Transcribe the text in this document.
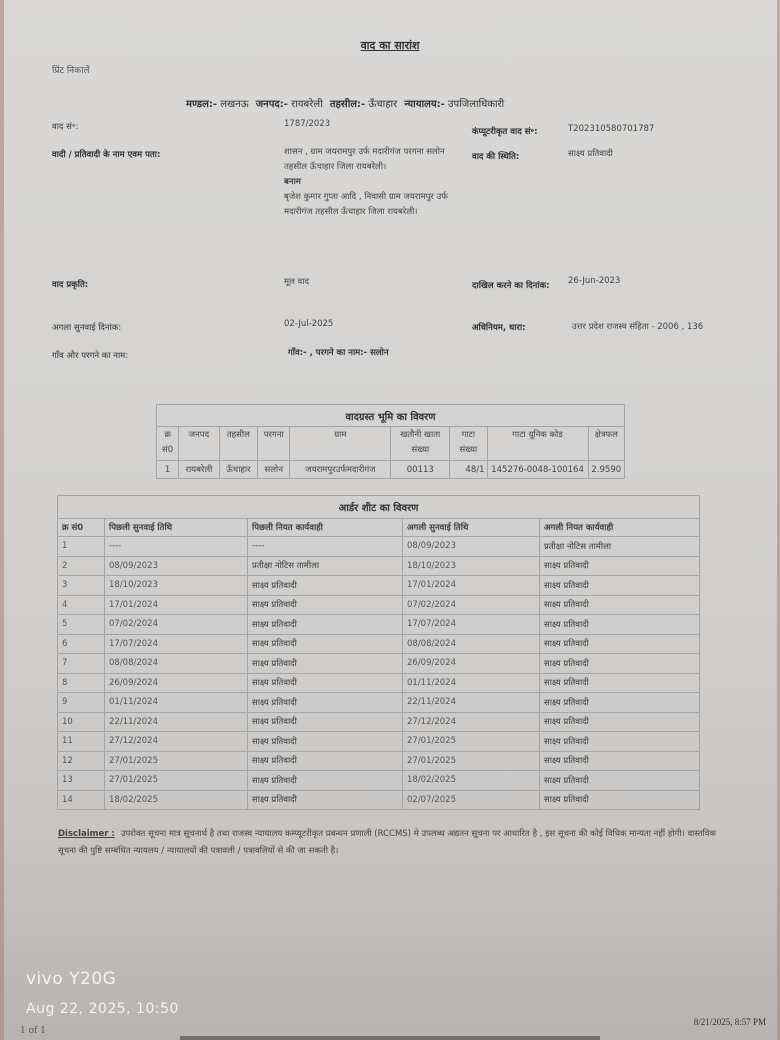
वाद का सारांश
प्रिंट निकालें
मण्डल:- लखनऊ जनपद:- रायबरेली तहसील:- ऊँचाहार न्यायालय:- उपजिलाधिकारी
वाद सं॰:	1787/2023
कंप्यूटरीकृत वाद सं॰:	T202310580701787
वादी / प्रतिवादी के नाम एवम पता:	शासन , ग्राम जयरामपुर उर्फ मदारीगंज परगना सलोन तहसील ऊँचाहार जिला रायबरेली।
बनाम
बृजेश कुमार गुप्ता आदि , निवासी ग्राम जयरामपुर उर्फ मदारीगंज तहसील ऊँचाहार जिला रायबरेली।
वाद की स्थिति:	साक्ष्य प्रतिवादी
वाद प्रकृति:	मूल वाद	दाखिल करने का दिनांक: 26-Jun-2023
अगला सुनवाई दिनांक:	02-Jul-2025	अधिनियम, धारा:	उत्तर प्रदेश राजस्व संहिता - 2006 , 136
गाँव और परगने का नाम:	गाँव:- , परगने का नाम:- सलोन
वादग्रस्त भूमि का विवरण								
क्र सं0	जनपद	तहसील	परगना	ग्राम	खतौनी खाता संख्या	गाटा संख्या	गाटा यूनिक कोड	क्षेत्रफल
1	रायबरेली	ऊँचाहार	सलोन	जयरामपुरउर्फमदारीगंज	00113	48/1	145276-0048-100164	2.9590
आर्डर शीट का विवरण				
क्र सं0	पिछली सुनवाई तिथि	पिछली नियत कार्यवाही	अगली सुनवाई तिथि	अगली नियत कार्यवाही
1	----	----	08/09/2023	प्रतीक्षा नोटिस तामीला
2	08/09/2023	प्रतीक्षा नोटिस तामीला	18/10/2023	साक्ष्य प्रतिवादी
3	18/10/2023	साक्ष्य प्रतिवादी	17/01/2024	साक्ष्य प्रतिवादी
4	17/01/2024	साक्ष्य प्रतिवादी	07/02/2024	साक्ष्य प्रतिवादी
5	07/02/2024	साक्ष्य प्रतिवादी	17/07/2024	साक्ष्य प्रतिवादी
6	17/07/2024	साक्ष्य प्रतिवादी	08/08/2024	साक्ष्य प्रतिवादी
7	08/08/2024	साक्ष्य प्रतिवादी	26/09/2024	साक्ष्य प्रतिवादी
8	26/09/2024	साक्ष्य प्रतिवादी	01/11/2024	साक्ष्य प्रतिवादी
9	01/11/2024	साक्ष्य प्रतिवादी	22/11/2024	साक्ष्य प्रतिवादी
10	22/11/2024	साक्ष्य प्रतिवादी	27/12/2024	साक्ष्य प्रतिवादी
11	27/12/2024	साक्ष्य प्रतिवादी	27/01/2025	साक्ष्य प्रतिवादी
12	27/01/2025	साक्ष्य प्रतिवादी	27/01/2025	साक्ष्य प्रतिवादी
13	27/01/2025	साक्ष्य प्रतिवादी	18/02/2025	साक्ष्य प्रतिवादी
14	18/02/2025	साक्ष्य प्रतिवादी	02/07/2025	साक्ष्य प्रतिवादी
Disclaimer : उपरोक्त सूचना मात्र सूचनार्थ है तथा राजस्व न्यायालय कम्प्यूटरीकृत प्रबन्धन प्रणाली (RCCMS) मे उपलब्ध अद्यतन सूचना पर आधारित है , इस सूचना की कोई विधिक मान्यता नहीं होगी। वास्तविक सूचना की पुष्टि सम्बंधित न्यायलय / न्यायालयों की पत्रावली / पत्रावलियों से की जा सकती है।
vivo Y20G
Aug 22, 2025, 10:50
1 of 1
8/21/2025, 8:57 PM
